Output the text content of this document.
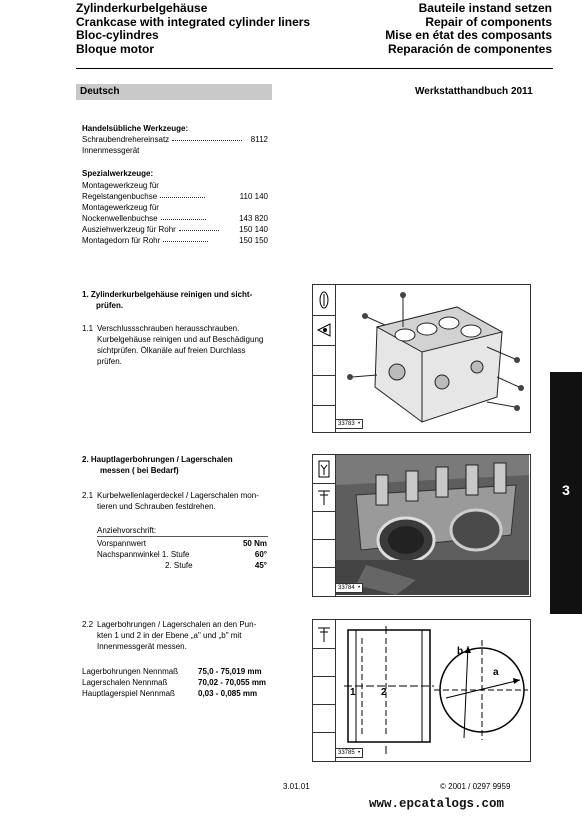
Zylinderkurbelgehäuse
Crankcase with integrated cylinder liners
Bloc-cylindres
Bloque motor
Bauteile instand setzen
Repair of components
Mise en état des composants
Reparación de componentes
Deutsch	Werkstatthandbuch 2011
Handelsübliche Werkzeuge:
Schraubendrehereinsatz	8112
Innenmessgerät
Spezialwerkzeuge:
Montagewerkzeug für
Regelstangenbuchse	110 140
Montagewerkzeug für
Nockenwellenbuchse	143 820
Ausziehwerkzeug für Rohr	150 140
Montagedorn für Rohr	150 150
1. Zylinderkurbelgehäuse reinigen und sicht-
prüfen.
1.1 Verschlussschrauben herausschrauben.
Kurbelgehäuse reinigen und auf Beschädigung
sichtprüfen. Ölkanäle auf freien Durchlass
prüfen.
33783  •
2. Hauptlagerbohrungen / Lagerschalen
messen ( bei Bedarf)
2.1 Kurbelwellenlagerdeckel / Lagerschalen mon-
tieren und Schrauben festdrehen.
Anziehvorschrift:
Vorspannwert	50 Nm
Nachspannwinkel 1. Stufe	60°
2. Stufe	45°
33784  •
2.2 Lagerbohrungen / Lagerschalen an den Pun-
kten 1 und 2 in der Ebene „a" und „b" mit
Innenmessgerät messen.
Lagerbohrungen Nennmaß 75,0 - 75,019 mm
Lagerschalen Nennmaß	70,02 - 70,055 mm
Hauptlagerspiel Nennmaß	0,03 - 0,085 mm	1	2
b
a
33785  •
3
3.01.01	© 2001 / 0297 9959
www.epcatalogs.com
